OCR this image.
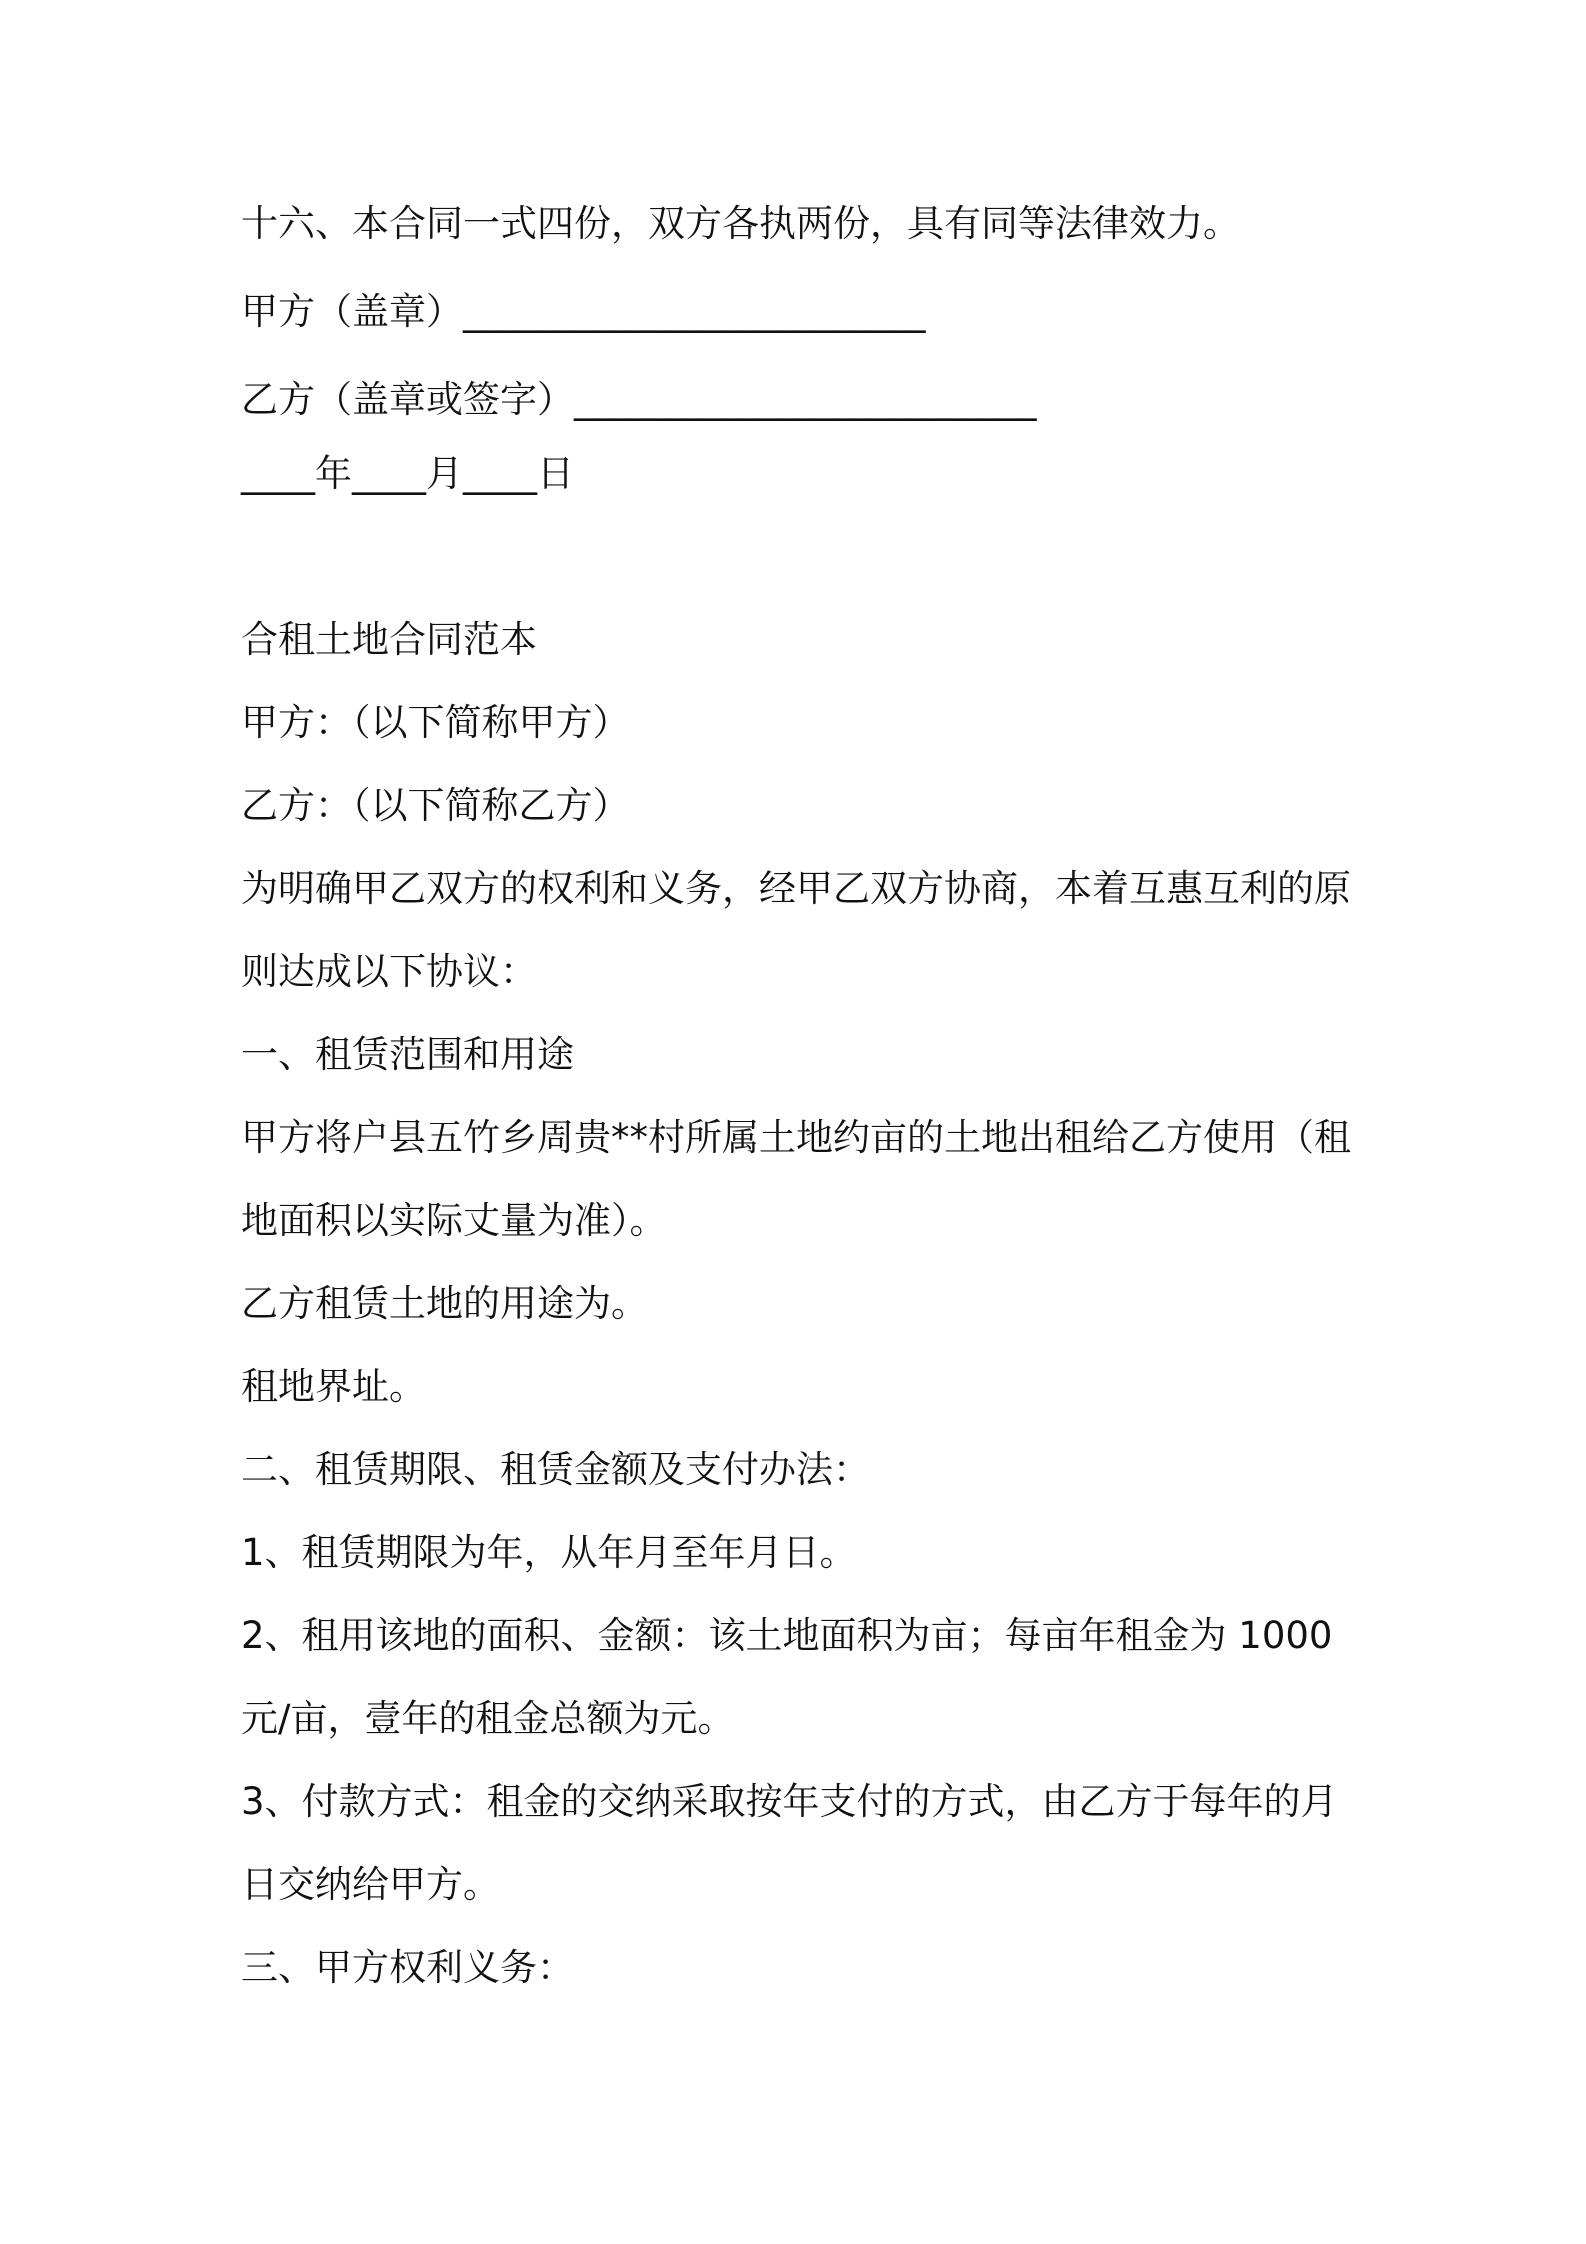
十六、本合同一式四份，双方各执两份，具有同等法律效力。

甲方（盖章）_________________________

乙方（盖章或签字）_________________________

____年____月____日

合租土地合同范本

甲方：（以下简称甲方）

乙方：（以下简称乙方）

为明确甲乙双方的权利和义务，经甲乙双方协商，本着互惠互利的原

则达成以下协议：

一、租赁范围和用途

甲方将户县五竹乡周贵**村所属土地约亩的土地出租给乙方使用（租

地面积以实际丈量为准）。

乙方租赁土地的用途为。

租地界址。

二、租赁期限、租赁金额及支付办法：

1、租赁期限为年，从年月至年月日。

2、租用该地的面积、金额：该土地面积为亩；每亩年租金为 1000

元/亩，壹年的租金总额为元。

3、付款方式：租金的交纳采取按年支付的方式，由乙方于每年的月

日交纳给甲方。

三、甲方权利义务：
